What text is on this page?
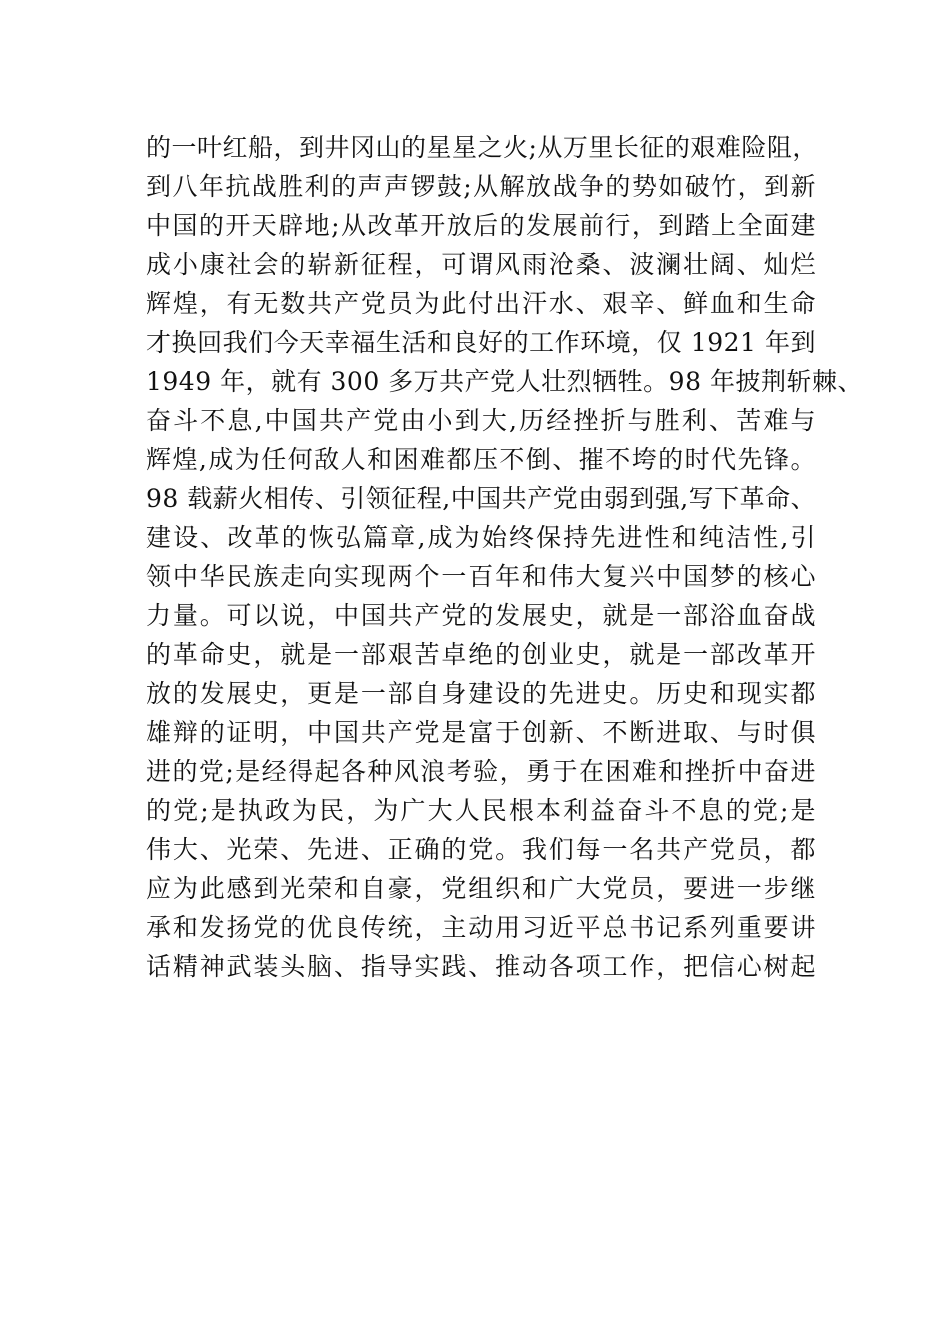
的一叶红船，到井冈山的星星之火;从万里长征的艰难险阻，
到八年抗战胜利的声声锣鼓;从解放战争的势如破竹，到新
中国的开天辟地;从改革开放后的发展前行，到踏上全面建
成小康社会的崭新征程，可谓风雨沧桑、波澜壮阔、灿烂
辉煌，有无数共产党员为此付出汗水、艰辛、鲜血和生命
才换回我们今天幸福生活和良好的工作环境，仅 1921 年到
1949 年，就有 300 多万共产党人壮烈牺牲。98 年披荆斩棘、
奋斗不息,中国共产党由小到大,历经挫折与胜利、苦难与
辉煌,成为任何敌人和困难都压不倒、摧不垮的时代先锋。
98 载薪火相传、引领征程,中国共产党由弱到强,写下革命、
建设、改革的恢弘篇章,成为始终保持先进性和纯洁性,引
领中华民族走向实现两个一百年和伟大复兴中国梦的核心
力量。可以说，中国共产党的发展史，就是一部浴血奋战
的革命史，就是一部艰苦卓绝的创业史，就是一部改革开
放的发展史，更是一部自身建设的先进史。历史和现实都
雄辩的证明，中国共产党是富于创新、不断进取、与时俱
进的党;是经得起各种风浪考验，勇于在困难和挫折中奋进
的党;是执政为民，为广大人民根本利益奋斗不息的党;是
伟大、光荣、先进、正确的党。我们每一名共产党员，都
应为此感到光荣和自豪，党组织和广大党员，要进一步继
承和发扬党的优良传统，主动用习近平总书记系列重要讲
话精神武装头脑、指导实践、推动各项工作，把信心树起
